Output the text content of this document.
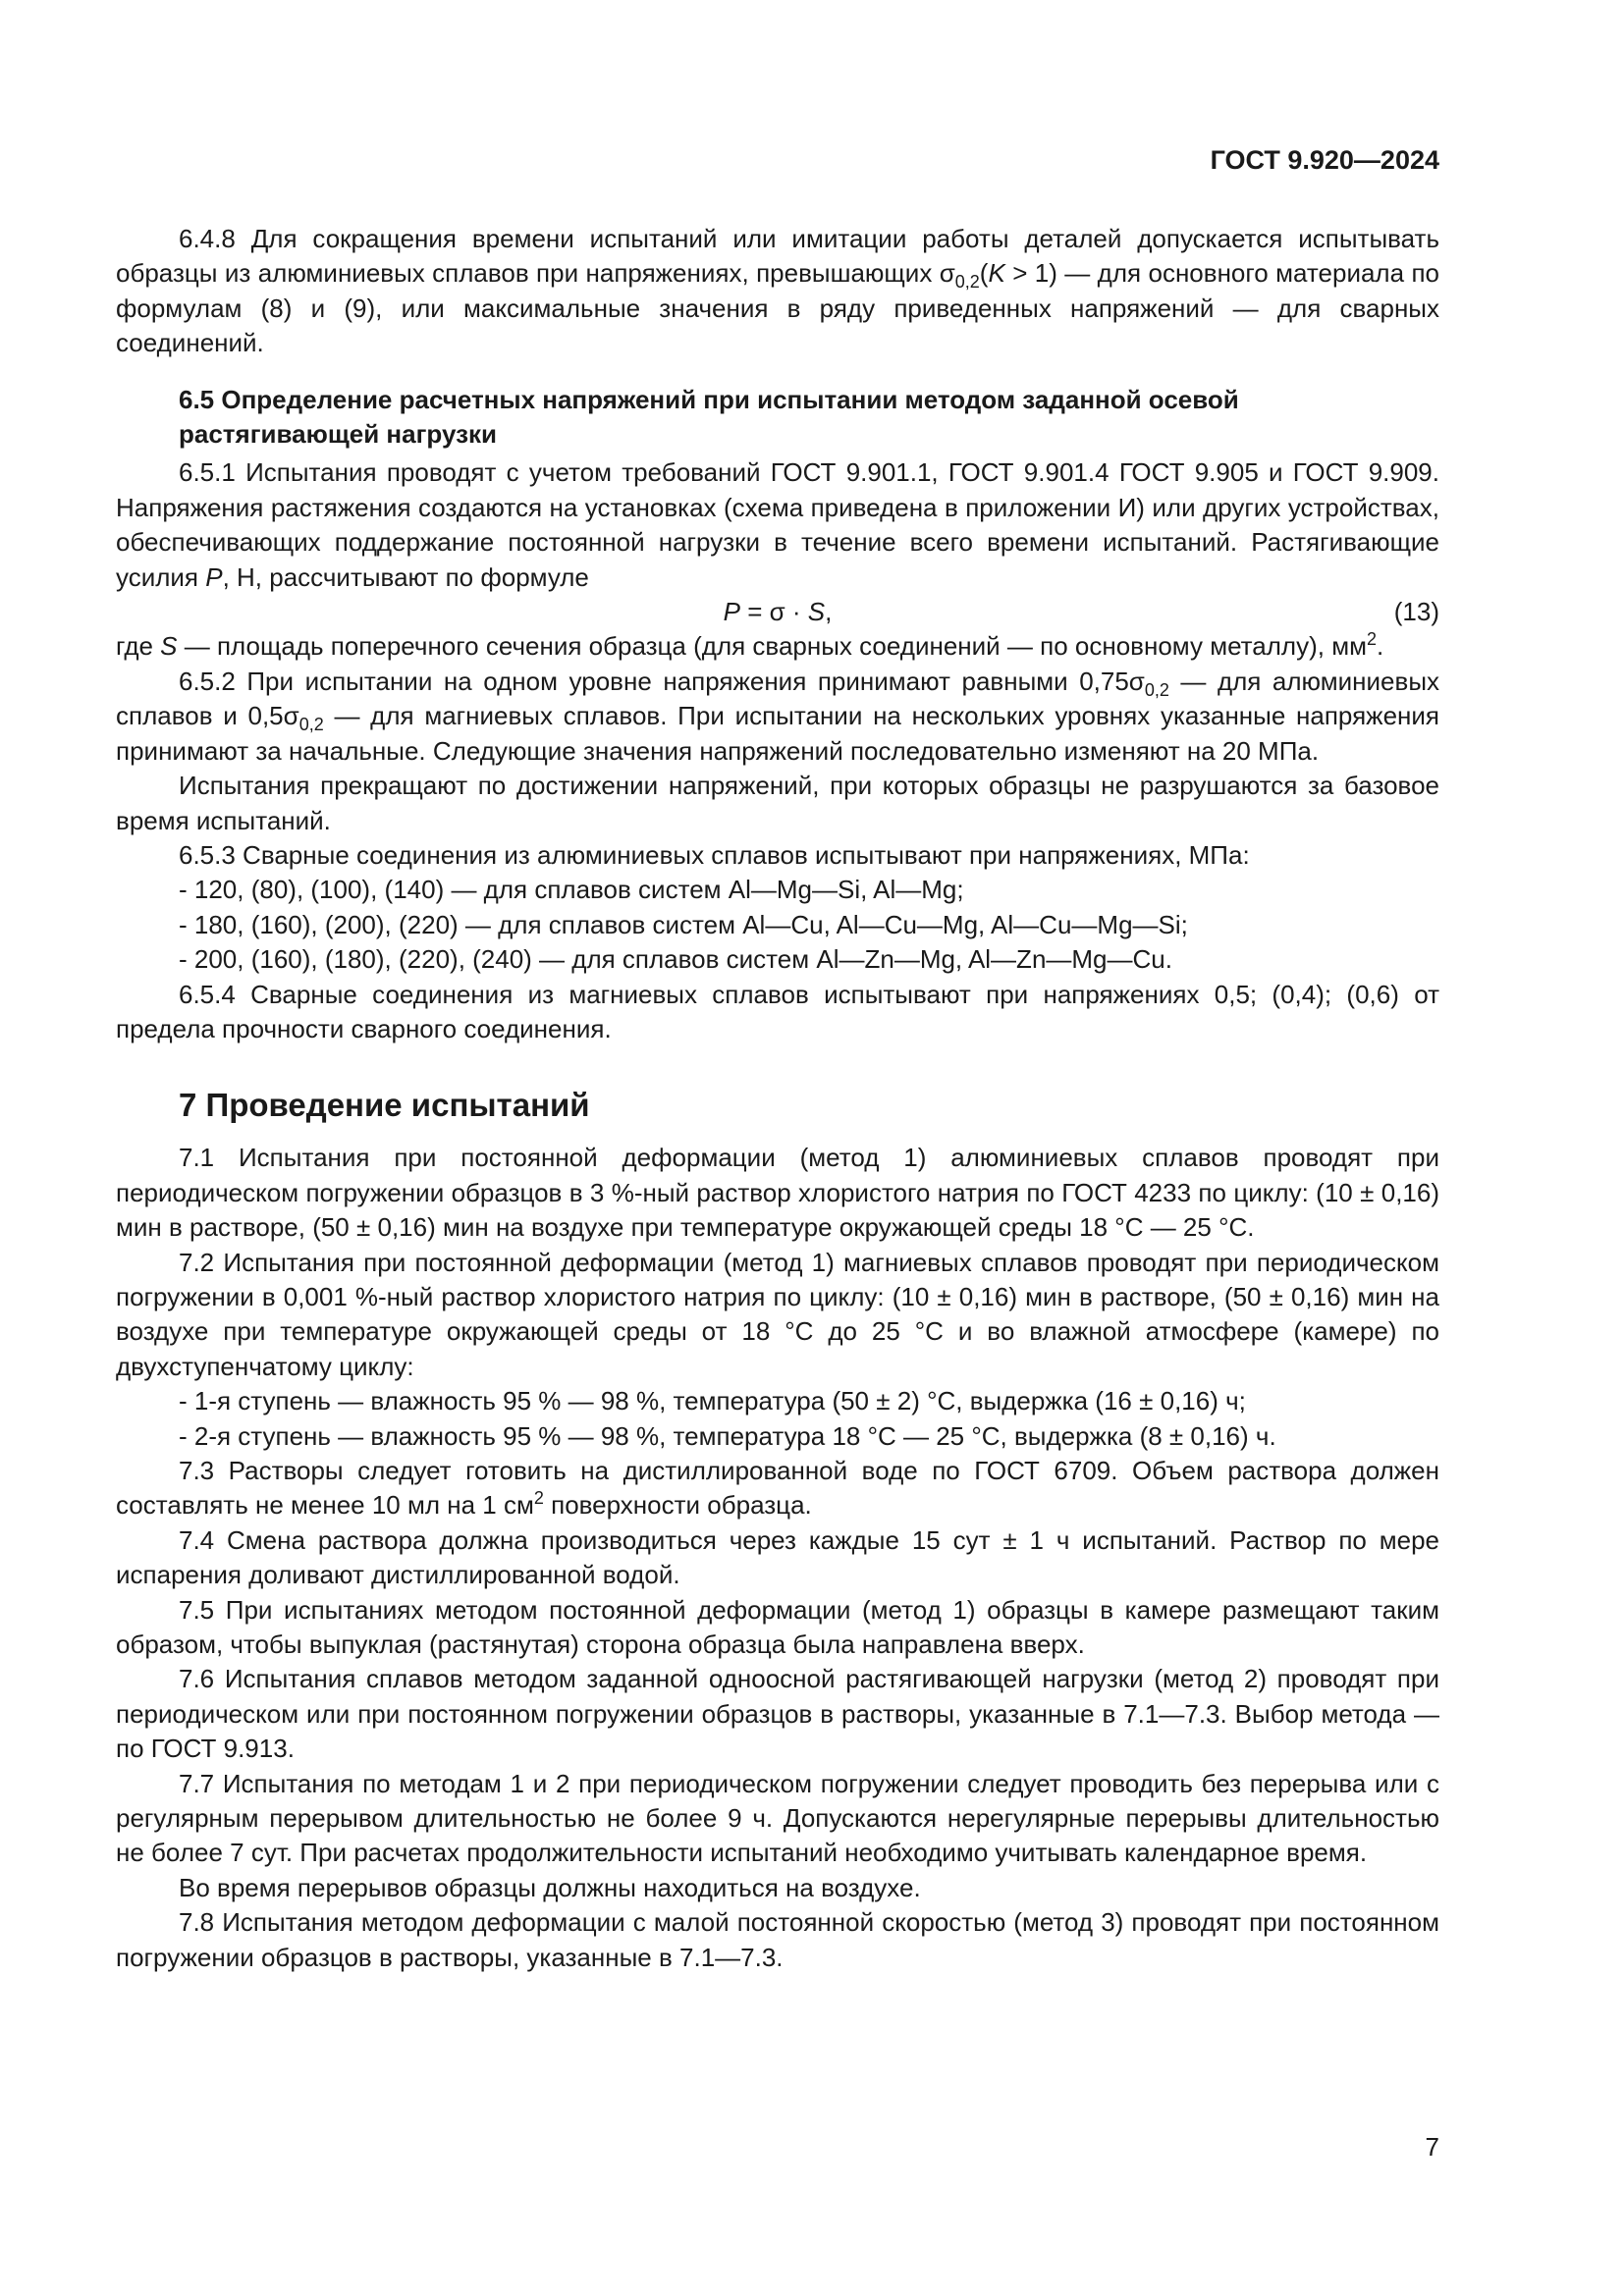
ГОСТ 9.920—2024

6.4.8 Для сокращения времени испытаний или имитации работы деталей допускается испытывать образцы из алюминиевых сплавов при напряжениях, превышающих $\sigma_{0,2}(K > 1)$ — для основного материала по формулам (8) и (9), или максимальные значения в ряду приведенных напряжений — для сварных соединений.

6.5 Определение расчетных напряжений при испытании методом заданной осевой растягивающей нагрузки

6.5.1 Испытания проводят с учетом требований ГОСТ 9.901.1, ГОСТ 9.901.4 ГОСТ 9.905 и ГОСТ 9.909. Напряжения растяжения создаются на установках (схема приведена в приложении И) или других устройствах, обеспечивающих поддержание постоянной нагрузки в течение всего времени испытаний. Растягивающие усилия P, Н, рассчитывают по формуле

P = σ · S,	(13)

где S — площадь поперечного сечения образца (для сварных соединений — по основному металлу), $мм^2$.

6.5.2 При испытании на одном уровне напряжения принимают равными $0,75\sigma_{0,2}$ — для алюминиевых сплавов и $0,5\sigma_{0,2}$ — для магниевых сплавов. При испытании на нескольких уровнях указанные напряжения принимают за начальные. Следующие значения напряжений последовательно изменяют на 20 МПа.

Испытания прекращают по достижении напряжений, при которых образцы не разрушаются за базовое время испытаний.

6.5.3 Сварные соединения из алюминиевых сплавов испытывают при напряжениях, МПа:

- 120, (80), (100), (140) — для сплавов систем Al—Mg—Si, Al—Mg;

- 180, (160), (200), (220) — для сплавов систем Al—Cu, Al—Cu—Mg, Al—Cu—Mg—Si;

- 200, (160), (180), (220), (240) — для сплавов систем Al—Zn—Mg, Al—Zn—Mg—Cu.

6.5.4 Сварные соединения из магниевых сплавов испытывают при напряжениях 0,5; (0,4); (0,6) от предела прочности сварного соединения.

7 Проведение испытаний

7.1 Испытания при постоянной деформации (метод 1) алюминиевых сплавов проводят при периодическом погружении образцов в 3 %-ный раствор хлористого натрия по ГОСТ 4233 по циклу: (10 ± 0,16) мин в растворе, (50 ± 0,16) мин на воздухе при температуре окружающей среды 18 °С — 25 °С.

7.2 Испытания при постоянной деформации (метод 1) магниевых сплавов проводят при периодическом погружении в 0,001 %-ный раствор хлористого натрия по циклу: (10 ± 0,16) мин в растворе, (50 ± 0,16) мин на воздухе при температуре окружающей среды от 18 °С до 25 °С и во влажной атмосфере (камере) по двухступенчатому циклу:

- 1-я ступень — влажность 95 % — 98 %, температура (50 ± 2) °С, выдержка (16 ± 0,16) ч;

- 2-я ступень — влажность 95 % — 98 %, температура 18 °С — 25 °С, выдержка (8 ± 0,16) ч.

7.3 Растворы следует готовить на дистиллированной воде по ГОСТ 6709. Объем раствора должен составлять не менее 10 мл на 1 $см^2$ поверхности образца.

7.4 Смена раствора должна производиться через каждые 15 сут ± 1 ч испытаний. Раствор по мере испарения доливают дистиллированной водой.

7.5 При испытаниях методом постоянной деформации (метод 1) образцы в камере размещают таким образом, чтобы выпуклая (растянутая) сторона образца была направлена вверх.

7.6 Испытания сплавов методом заданной одноосной растягивающей нагрузки (метод 2) проводят при периодическом или при постоянном погружении образцов в растворы, указанные в 7.1—7.3. Выбор метода — по ГОСТ 9.913.

7.7 Испытания по методам 1 и 2 при периодическом погружении следует проводить без перерыва или с регулярным перерывом длительностью не более 9 ч. Допускаются нерегулярные перерывы длительностью не более 7 сут. При расчетах продолжительности испытаний необходимо учитывать календарное время.

Во время перерывов образцы должны находиться на воздухе.

7.8 Испытания методом деформации с малой постоянной скоростью (метод 3) проводят при постоянном погружении образцов в растворы, указанные в 7.1—7.3.

7
